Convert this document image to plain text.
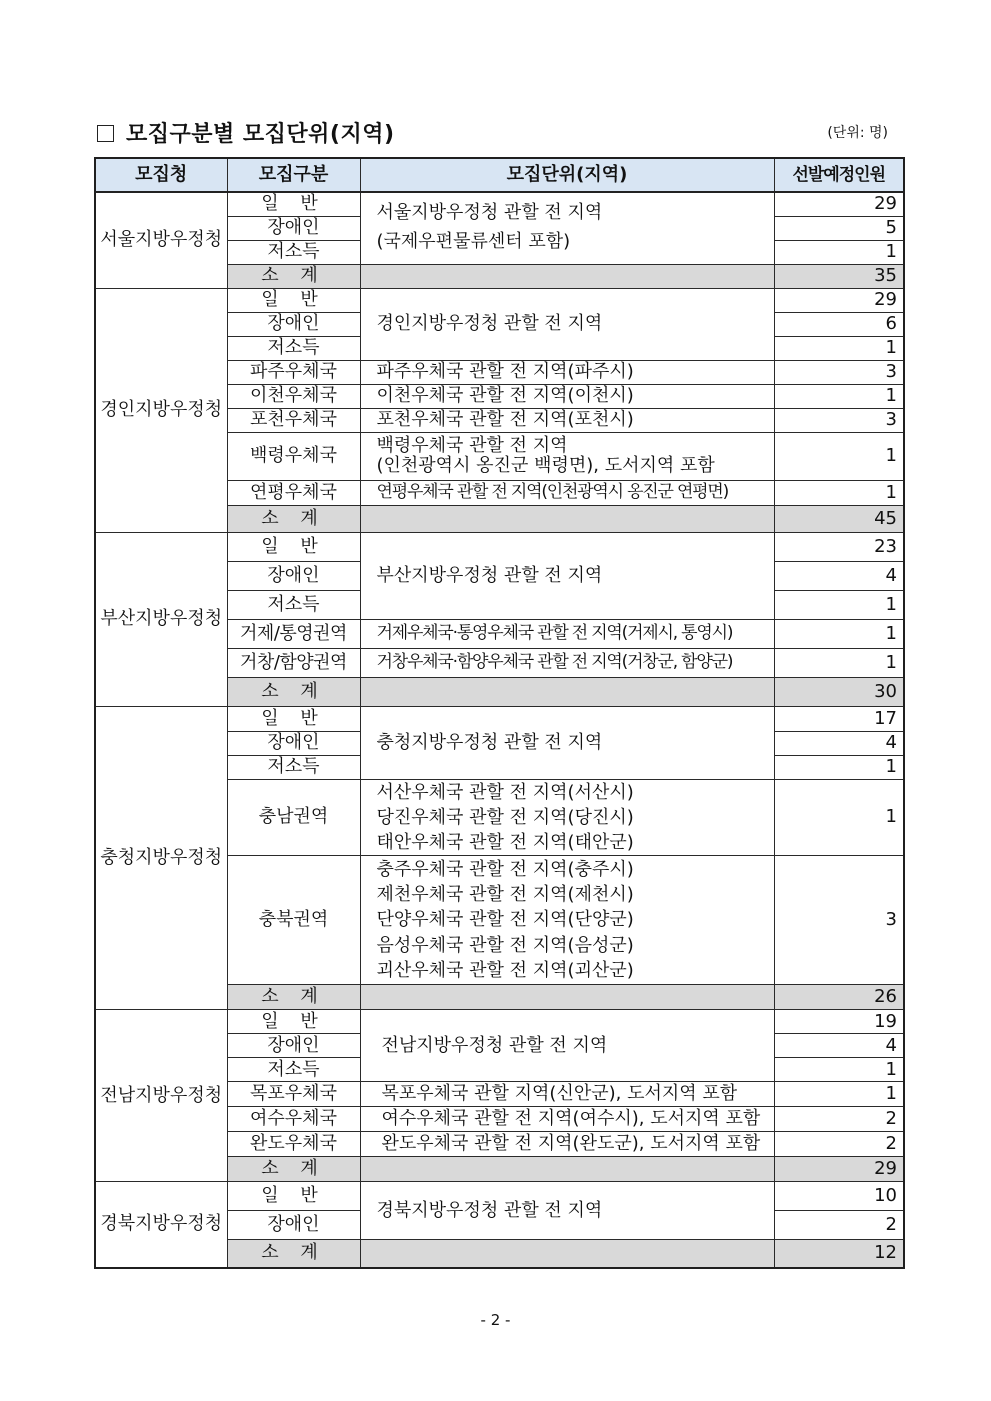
모집구분별 모집단위(지역)	(단위: 명)
모집청	모집구분	모집단위(지역)	선발예정인원
서울지방우정청	일 반	서울지방우정청 관할 전 지역
(국제우편물류센터 포함)	29
	장애인		5
	저소득		1
	소 계		35
경인지방우정청	일 반	경인지방우정청 관할 전 지역	29
	장애인		6
	저소득		1
	파주우체국	파주우체국 관할 전 지역(파주시)	3
	이천우체국	이천우체국 관할 전 지역(이천시)	1
	포천우체국	포천우체국 관할 전 지역(포천시)	3
	백령우체국	백령우체국 관할 전 지역
(인천광역시 옹진군 백령면), 도서지역 포함	1
	연평우체국	연평우체국 관할 전 지역(인천광역시 옹진군 연평면)	1
	소 계		45
부산지방우정청	일 반	부산지방우정청 관할 전 지역	23
	장애인		4
	저소득		1
	거제/통영권역	거제우체국·통영우체국 관할 전 지역(거제시, 통영시)	1
	거창/함양권역	거창우체국·함양우체국 관할 전 지역(거창군, 함양군)	1
	소 계		30
충청지방우정청	일 반	충청지방우정청 관할 전 지역	17
	장애인		4
	저소득		1
	충남권역	서산우체국 관할 전 지역(서산시)
당진우체국 관할 전 지역(당진시)
태안우체국 관할 전 지역(태안군)	1
	충북권역	충주우체국 관할 전 지역(충주시)
제천우체국 관할 전 지역(제천시)
단양우체국 관할 전 지역(단양군)
음성우체국 관할 전 지역(음성군)
괴산우체국 관할 전 지역(괴산군)	3
	소 계		26
전남지방우정청	일 반	전남지방우정청 관할 전 지역	19
	장애인		4
	저소득		1
	목포우체국	목포우체국 관할 지역(신안군), 도서지역 포함	1
	여수우체국	여수우체국 관할 전 지역(여수시), 도서지역 포함	2
	완도우체국	완도우체국 관할 전 지역(완도군), 도서지역 포함	2
	소 계		29
경북지방우정청	일 반	경북지방우정청 관할 전 지역	10
	장애인		2
	소 계		12
- 2 -
